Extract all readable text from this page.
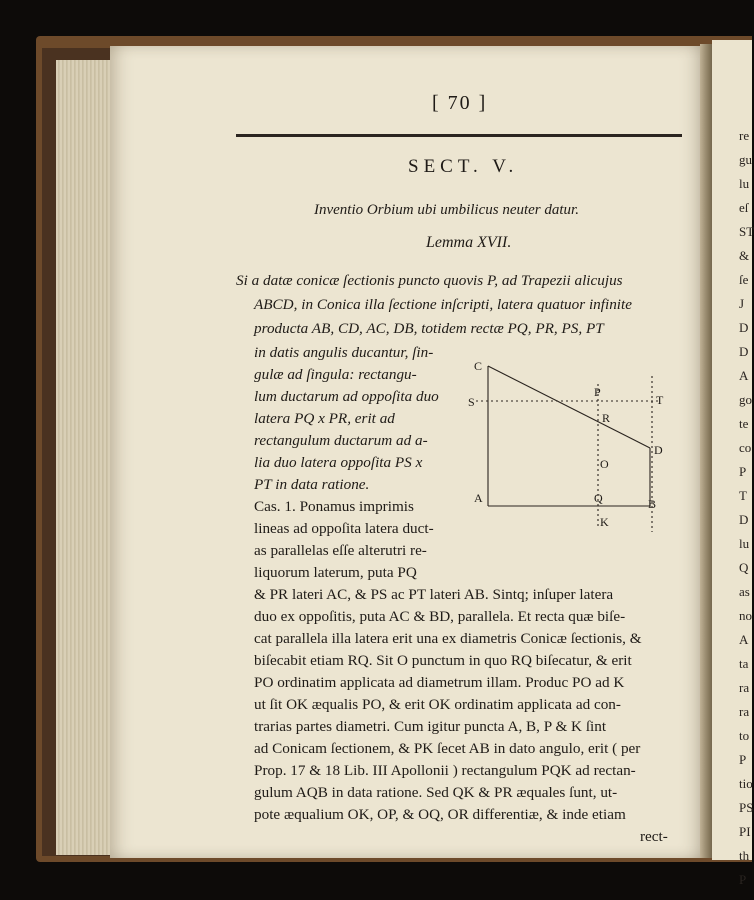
re
gu
lu
eſ
ST
&
ſe
J
D
D
A
go
te
co
P
T
D
lu
Q
as
no
A
ta
ra
ra
to
P
tio
PS
PI
th
P
[ 70 ]
SECT. V.
Inventio Orbium ubi umbilicus neuter datur.
Lemma XVII.
Si a datæ conicæ ſectionis puncto quovis P, ad Trapezii alicujus
ABCD, in Conica illa ſectione inſcripti, latera quatuor infinite
producta AB, CD, AC, DB, totidem rectæ PQ, PR, PS, PT
in datis angulis ducantur, ſin-
gulæ ad ſingula: rectangu-
lum ductarum ad oppoſita duo
latera PQ x PR, erit ad
rectangulum ductarum ad a-
lia duo latera oppoſita PS x
PT in data ratione.
Cas. 1. Ponamus imprimis
lineas ad oppoſita latera duct-
as parallelas eſſe alterutri re-
liquorum laterum, puta PQ
& PR lateri AC, & PS ac PT lateri AB. Sintq; inſuper latera
duo ex oppoſitis, puta AC & BD, parallela. Et recta quæ biſe-
cat parallela illa latera erit una ex diametris Conicæ ſectionis, &
biſecabit etiam RQ. Sit O punctum in quo RQ biſecatur, & erit
PO ordinatim applicata ad diametrum illam. Produc PO ad K
ut ſit OK æqualis PO, & erit OK ordinatim applicata ad con-
trarias partes diametri. Cum igitur puncta A, B, P & K ſint
ad Conicam ſectionem, & PK ſecet AB in dato angulo, erit ( per
Prop. 17 & 18 Lib. III Apollonii ) rectangulum PQK ad rectan-
gulum AQB in data ratione. Sed QK & PR æquales ſunt, ut-
pote æqualium OK, OP, & OQ, OR differentiæ, & inde etiam
rect-
C
P
S	T
R
D
O
A	Q	B
K
